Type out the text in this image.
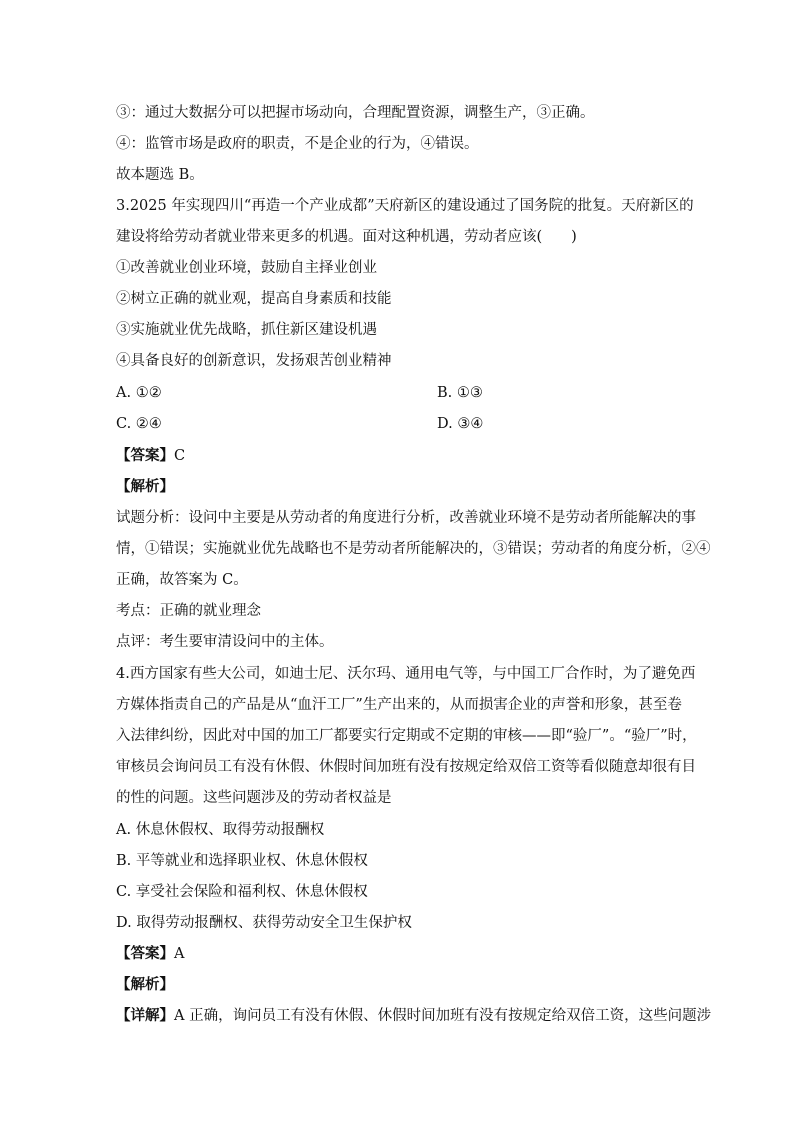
③：通过大数据分可以把握市场动向，合理配置资源，调整生产，③正确。
④：监管市场是政府的职责，不是企业的行为，④错误。
故本题选 B。
3.2025 年实现四川“再造一个产业成都”天府新区的建设通过了国务院的批复。天府新区的
建设将给劳动者就业带来更多的机遇。面对这种机遇，劳动者应该(　　)
①改善就业创业环境，鼓励自主择业创业
②树立正确的就业观，提高自身素质和技能
③实施就业优先战略，抓住新区建设机遇
④具备良好的创新意识，发扬艰苦创业精神
A. ①②	B. ①③
C. ②④	D. ③④
【答案】C
【解析】
试题分析：设问中主要是从劳动者的角度进行分析，改善就业环境不是劳动者所能解决的事
情，①错误；实施就业优先战略也不是劳动者所能解决的，③错误；劳动者的角度分析，②④
正确，故答案为 C。
考点：正确的就业理念
点评：考生要审清设问中的主体。
4.西方国家有些大公司，如迪士尼、沃尔玛、通用电气等，与中国工厂合作时，为了避免西
方媒体指责自己的产品是从“血汗工厂”生产出来的，从而损害企业的声誉和形象，甚至卷
入法律纠纷，因此对中国的加工厂都要实行定期或不定期的审核——即“验厂”。“验厂”时，
审核员会询问员工有没有休假、休假时间加班有没有按规定给双倍工资等看似随意却很有目
的性的问题。这些问题涉及的劳动者权益是
A. 休息休假权、取得劳动报酬权
B. 平等就业和选择职业权、休息休假权
C. 享受社会保险和福利权、休息休假权
D. 取得劳动报酬权、获得劳动安全卫生保护权
【答案】A
【解析】
【详解】A 正确，询问员工有没有休假、休假时间加班有没有按规定给双倍工资，这些问题涉
